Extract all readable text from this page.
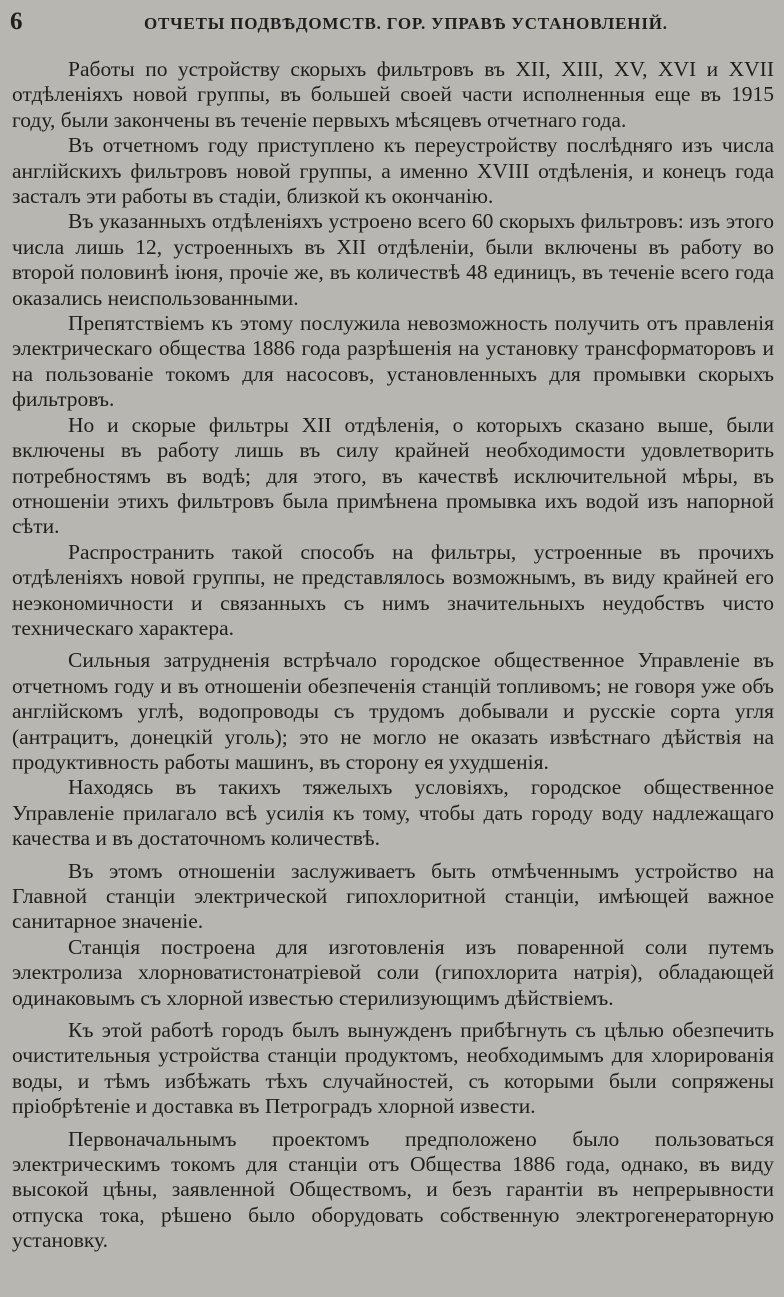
6	ОТЧЕТЫ ПОДВѢДОМСТВ. ГОР. УПРАВѢ УСТАНОВЛЕНIЙ.

Работы по устройству скорыхъ фильтровъ въ XII, XIII, XV, XVI и XVII отдѣленiяхъ новой группы, въ большей своей части исполненныя еще въ 1915 году, были закончены въ теченiе первыхъ мѣсяцевъ отчетнаго года.

Въ отчетномъ году приступлено къ переустройству послѣдняго изъ числа англiйскихъ фильтровъ новой группы, а именно XVIII отдѣленiя, и конецъ года засталъ эти работы въ стадiи, близкой къ окончанiю.

Въ указанныхъ отдѣленiяхъ устроено всего 60 скорыхъ фильтровъ: изъ этого числа лишь 12, устроенныхъ въ XII отдѣленiи, были включены въ работу во второй половинѣ iюня, прочiе же, въ количествѣ 48 единицъ, въ теченiе всего года оказались неиспользованными.

Препятствiемъ къ этому послужила невозможность получить отъ правленiя электрическаго общества 1886 года разрѣшенiя на установку трансформаторовъ и на пользованiе токомъ для насосовъ, установленныхъ для промывки скорыхъ фильтровъ.

Но и скорые фильтры XII отдѣленiя, о которыхъ сказано выше, были включены въ работу лишь въ силу крайней необходимости удовлетворить потребностямъ въ водѣ; для этого, въ качествѣ исключительной мѣры, въ отношенiи этихъ фильтровъ была примѣнена промывка ихъ водой изъ напорной сѣти.

Распространить такой способъ на фильтры, устроенные въ прочихъ отдѣленiяхъ новой группы, не представлялось возможнымъ, въ виду крайней его неэкономичности и связанныхъ съ нимъ значительныхъ неудобствъ чисто техническаго характера.

Сильныя затрудненiя встрѣчало городское общественное Управленiе въ отчетномъ году и въ отношенiи обезпеченiя станцiй топливомъ; не говоря уже объ англiйскомъ углѣ, водопроводы съ трудомъ добывали и русскiе сорта угля (антрацитъ, донецкiй уголь); это не могло не оказать извѣстнаго дѣйствiя на продуктивность работы машинъ, въ сторону ея ухудшенiя.

Находясь въ такихъ тяжелыхъ условiяхъ, городское общественное Управленiе прилагало всѣ усилiя къ тому, чтобы дать городу воду надлежащаго качества и въ достаточномъ количествѣ.

Въ этомъ отношенiи заслуживаетъ быть отмѣченнымъ устройство на Главной станцiи электрической гипохлоритной станцiи, имѣющей важное санитарное значенiе.

Станцiя построена для изготовленiя изъ поваренной соли путемъ электролиза хлорноватистонатрiевой соли (гипохлорита натрiя), обладающей одинаковымъ съ хлорной известью стерилизующимъ дѣйствiемъ.

Къ этой работѣ городъ былъ вынужденъ прибѣгнуть съ цѣлью обезпечить очистительныя устройства станцiи продуктомъ, необходимымъ для хлорированiя воды, и тѣмъ избѣжать тѣхъ случайностей, съ которыми были сопряжены прiобрѣтенiе и доставка въ Петроградъ хлорной извести.

Первоначальнымъ проектомъ предположено было пользоваться электрическимъ токомъ для станцiи отъ Общества 1886 года, однако, въ виду высокой цѣны, заявленной Обществомъ, и безъ гарантiи въ непрерывности отпуска тока, рѣшено было оборудовать собственную электрогенераторную установку.
